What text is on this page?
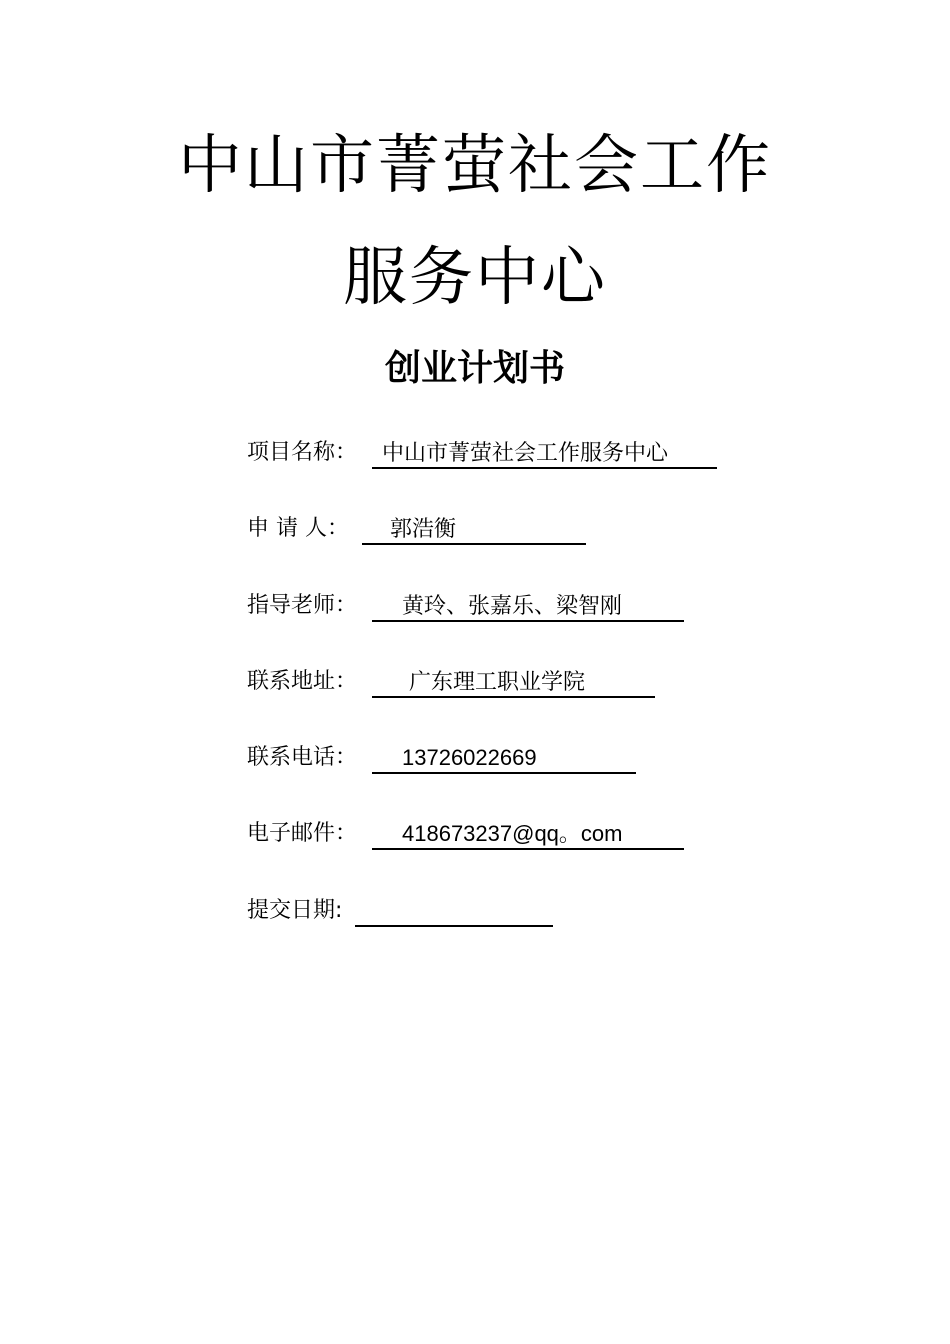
中山市菁萤社会工作
服务中心
创业计划书
项目名称：	中山市菁萤社会工作服务中心
申 请 人：	郭浩衡
指导老师：	黄玲、张嘉乐、梁智刚
联系地址：	广东理工职业学院
联系电话：	13726022669
电子邮件：	418673237@qq。com
提交日期:
